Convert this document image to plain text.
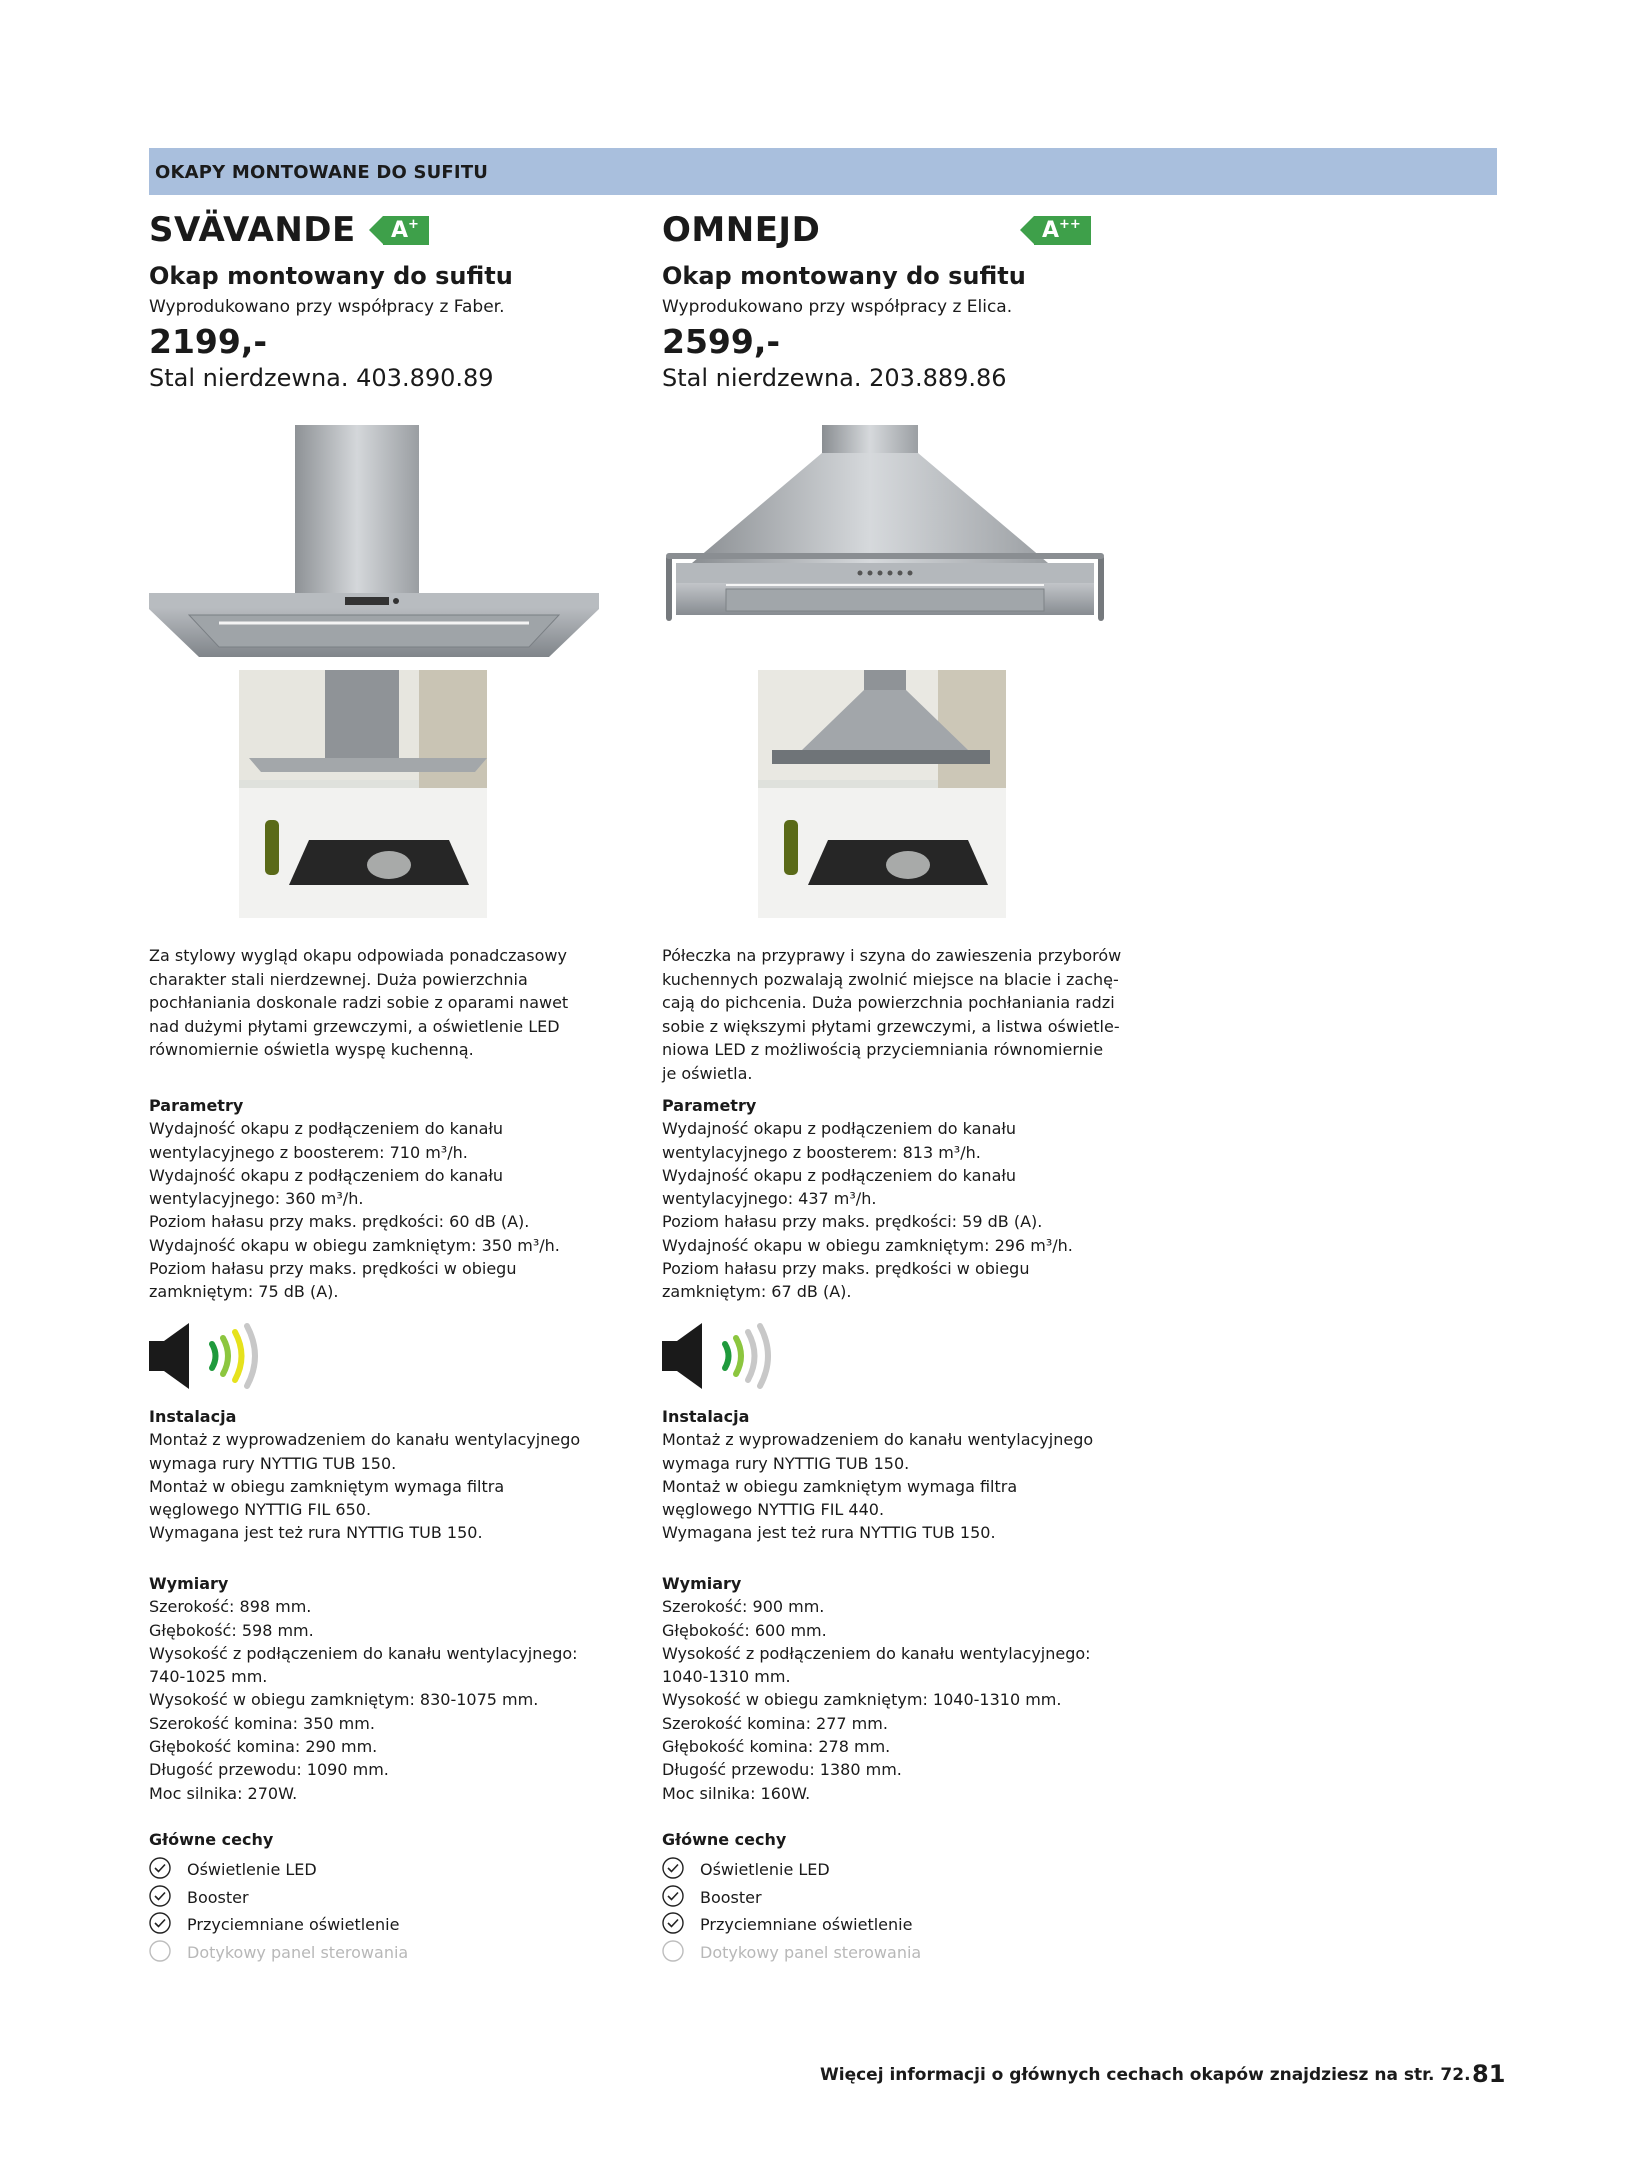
OKAPY MONTOWANE DO SUFITU
SVÄVANDE	A+
Okap montowany do sufitu
Wyprodukowano przy współpracy z Faber.
2199,-
Stal nierdzewna. 403.890.89
Za stylowy wygląd okapu odpowiada ponadczasowy
charakter stali nierdzewnej. Duża powierzchnia
pochłaniania doskonale radzi sobie z oparami nawet
nad dużymi płytami grzewczymi, a oświetlenie LED
równomiernie oświetla wyspę kuchenną.
Parametry
Wydajność okapu z podłączeniem do kanału
wentylacyjnego z boosterem: 710 m³/h.
Wydajność okapu z podłączeniem do kanału
wentylacyjnego: 360 m³/h.
Poziom hałasu przy maks. prędkości: 60 dB (A).
Wydajność okapu w obiegu zamkniętym: 350 m³/h.
Poziom hałasu przy maks. prędkości w obiegu
zamkniętym: 75 dB (A).
Instalacja
Montaż z wyprowadzeniem do kanału wentylacyjnego
wymaga rury NYTTIG TUB 150.
Montaż w obiegu zamkniętym wymaga filtra
węglowego NYTTIG FIL 650.
Wymagana jest też rura NYTTIG TUB 150.
Wymiary
Szerokość: 898 mm.
Głębokość: 598 mm.
Wysokość z podłączeniem do kanału wentylacyjnego:
740-1025 mm.
Wysokość w obiegu zamkniętym: 830-1075 mm.
Szerokość komina: 350 mm.
Głębokość komina: 290 mm.
Długość przewodu: 1090 mm.
Moc silnika: 270W.
Główne cechy
Oświetlenie LED
Booster
Przyciemniane oświetlenie
Dotykowy panel sterowania
OMNEJD	A++
Okap montowany do sufitu
Wyprodukowano przy współpracy z Elica.
2599,-
Stal nierdzewna. 203.889.86
Półeczka na przyprawy i szyna do zawieszenia przyborów
kuchennych pozwalają zwolnić miejsce na blacie i zachę-
cają do pichcenia. Duża powierzchnia pochłaniania radzi
sobie z większymi płytami grzewczymi, a listwa oświetle-
niowa LED z możliwością przyciemniania równomiernie
je oświetla.
Parametry
Wydajność okapu z podłączeniem do kanału
wentylacyjnego z boosterem: 813 m³/h.
Wydajność okapu z podłączeniem do kanału
wentylacyjnego: 437 m³/h.
Poziom hałasu przy maks. prędkości: 59 dB (A).
Wydajność okapu w obiegu zamkniętym: 296 m³/h.
Poziom hałasu przy maks. prędkości w obiegu
zamkniętym: 67 dB (A).
Instalacja
Montaż z wyprowadzeniem do kanału wentylacyjnego
wymaga rury NYTTIG TUB 150.
Montaż w obiegu zamkniętym wymaga filtra
węglowego NYTTIG FIL 440.
Wymagana jest też rura NYTTIG TUB 150.
Wymiary
Szerokość: 900 mm.
Głębokość: 600 mm.
Wysokość z podłączeniem do kanału wentylacyjnego:
1040-1310 mm.
Wysokość w obiegu zamkniętym: 1040-1310 mm.
Szerokość komina: 277 mm.
Głębokość komina: 278 mm.
Długość przewodu: 1380 mm.
Moc silnika: 160W.
Główne cechy
Oświetlenie LED
Booster
Przyciemniane oświetlenie
Dotykowy panel sterowania
Więcej informacji o głównych cechach okapów znajdziesz na str. 72. 81
